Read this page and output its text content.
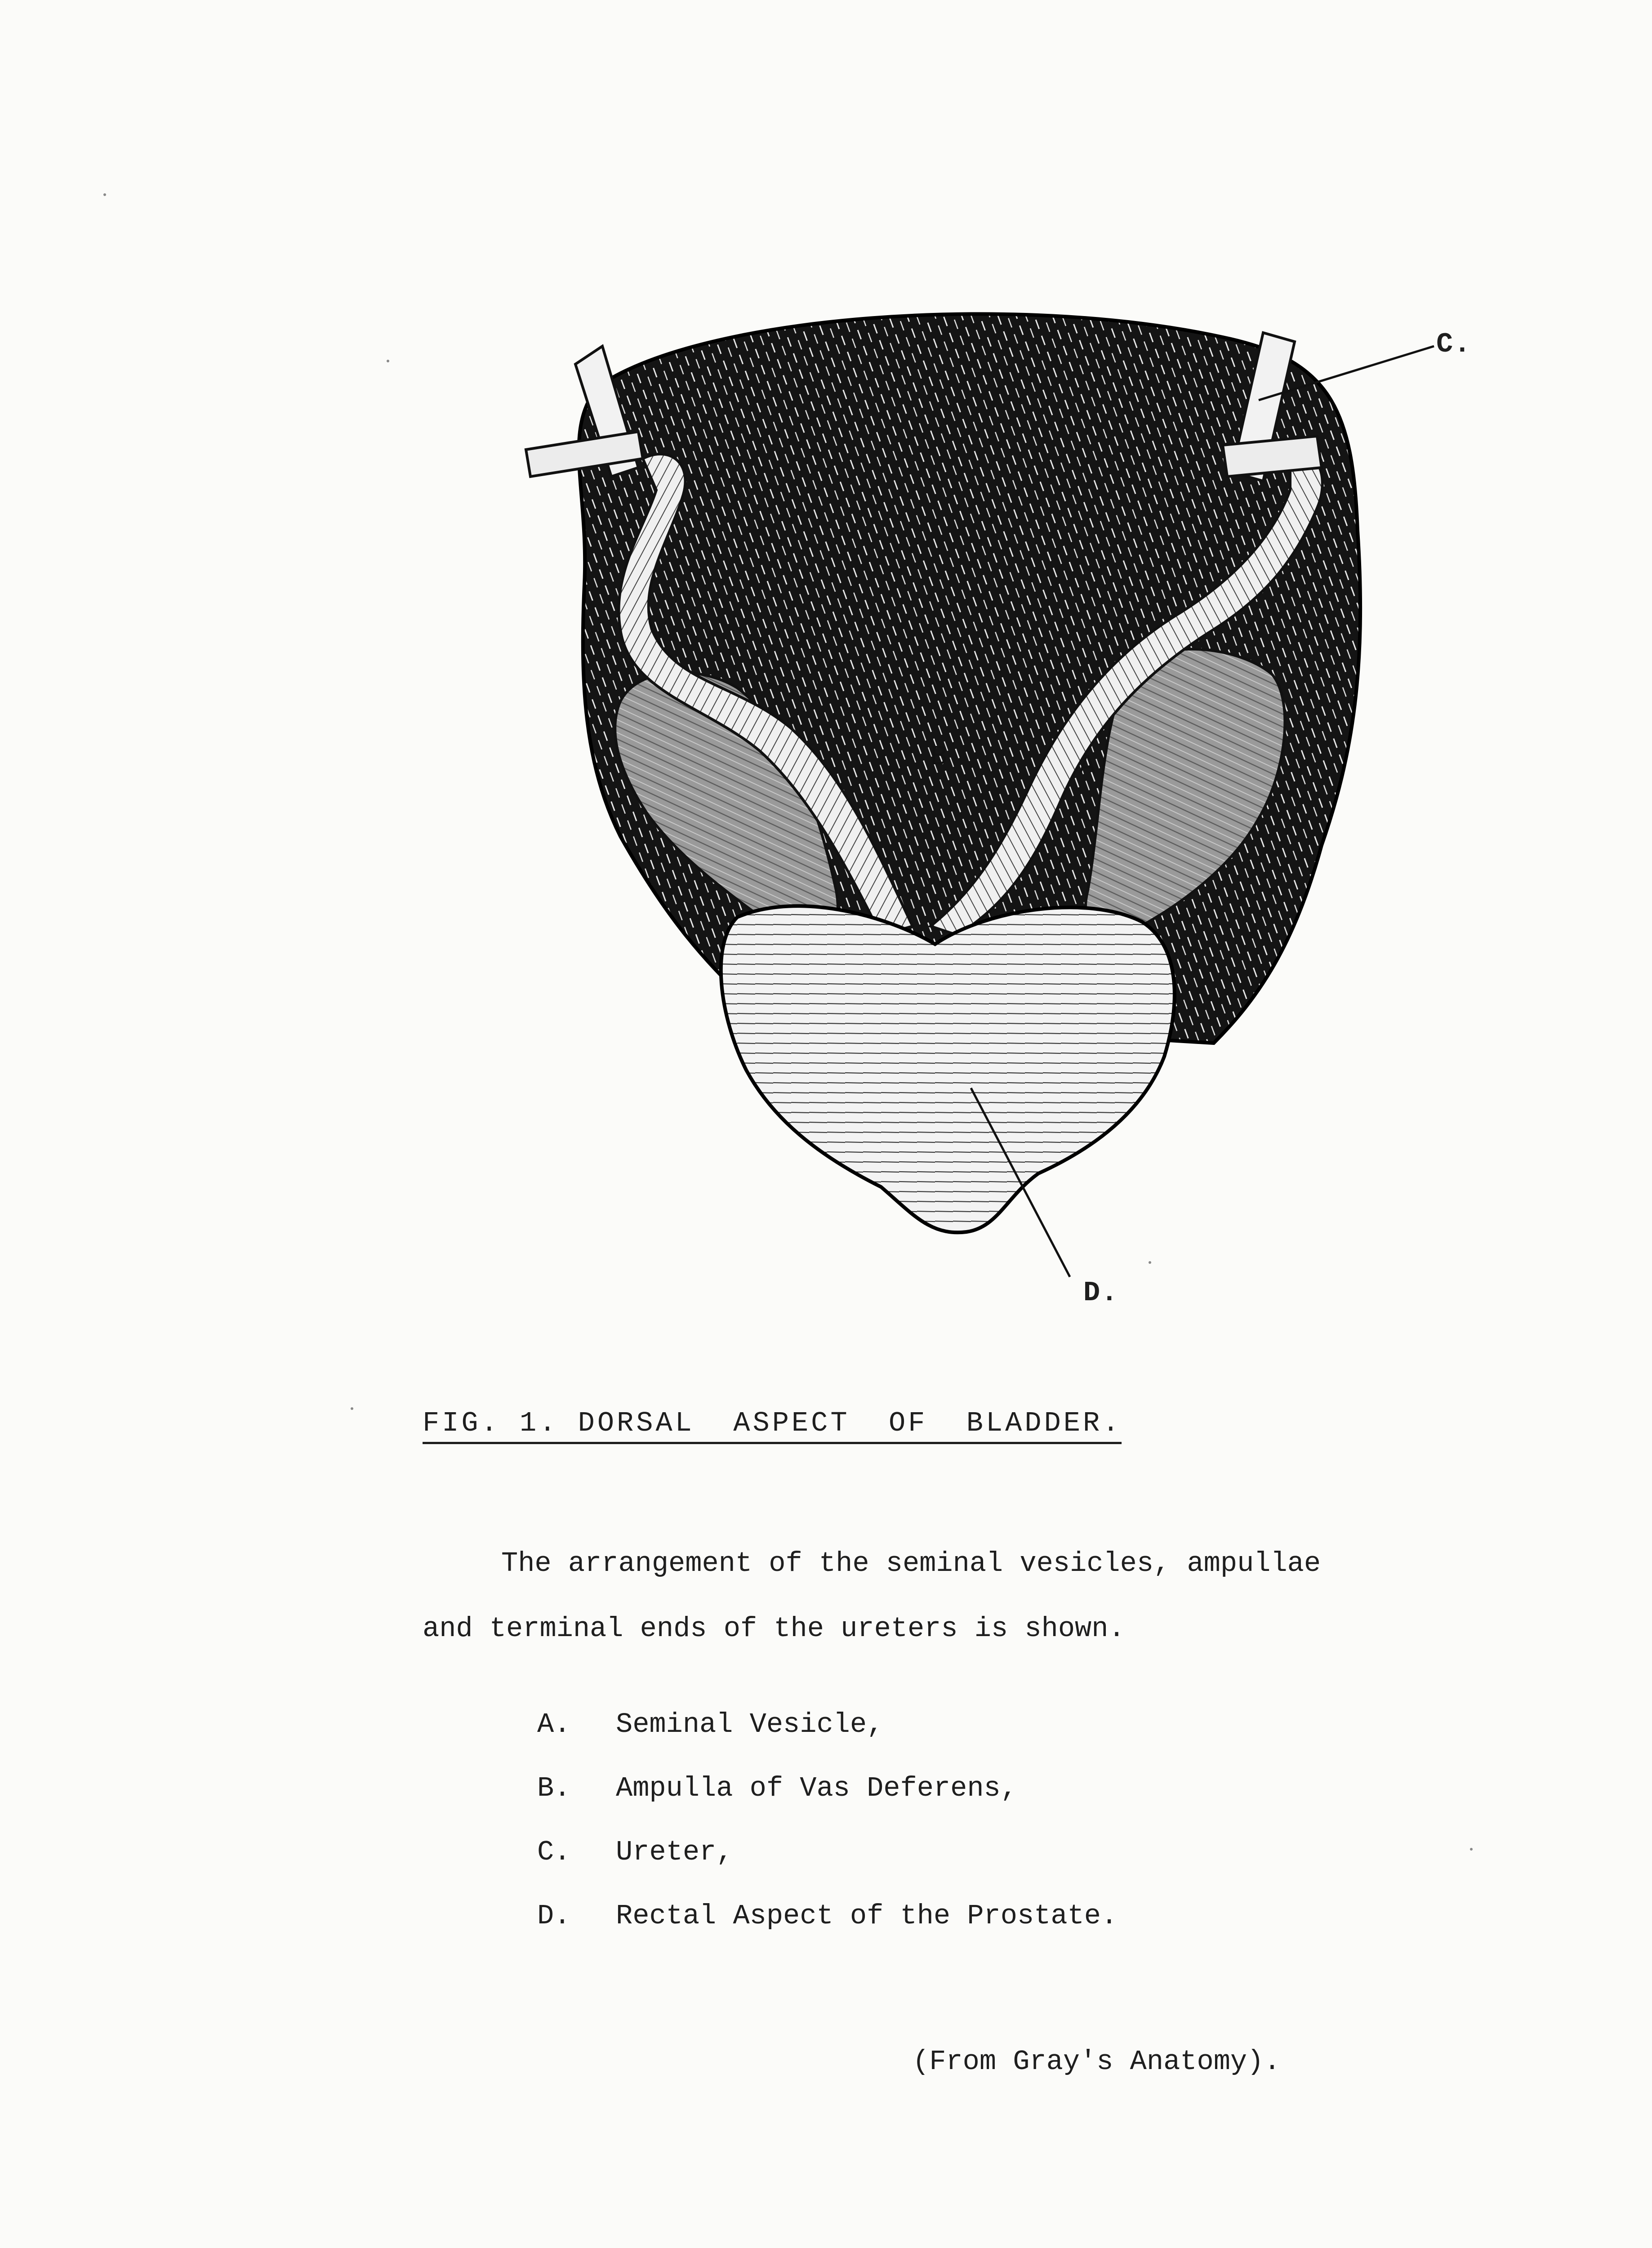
B	A
C.
D.
FIG. 1. DORSAL  ASPECT  OF  BLADDER.
The arrangement of the seminal vesicles, ampullae
and terminal ends of the ureters is shown.
A.	Seminal Vesicle,
B.	Ampulla of Vas Deferens,
C.	Ureter,
D.	Rectal Aspect of the Prostate.
(From Gray's Anatomy).
